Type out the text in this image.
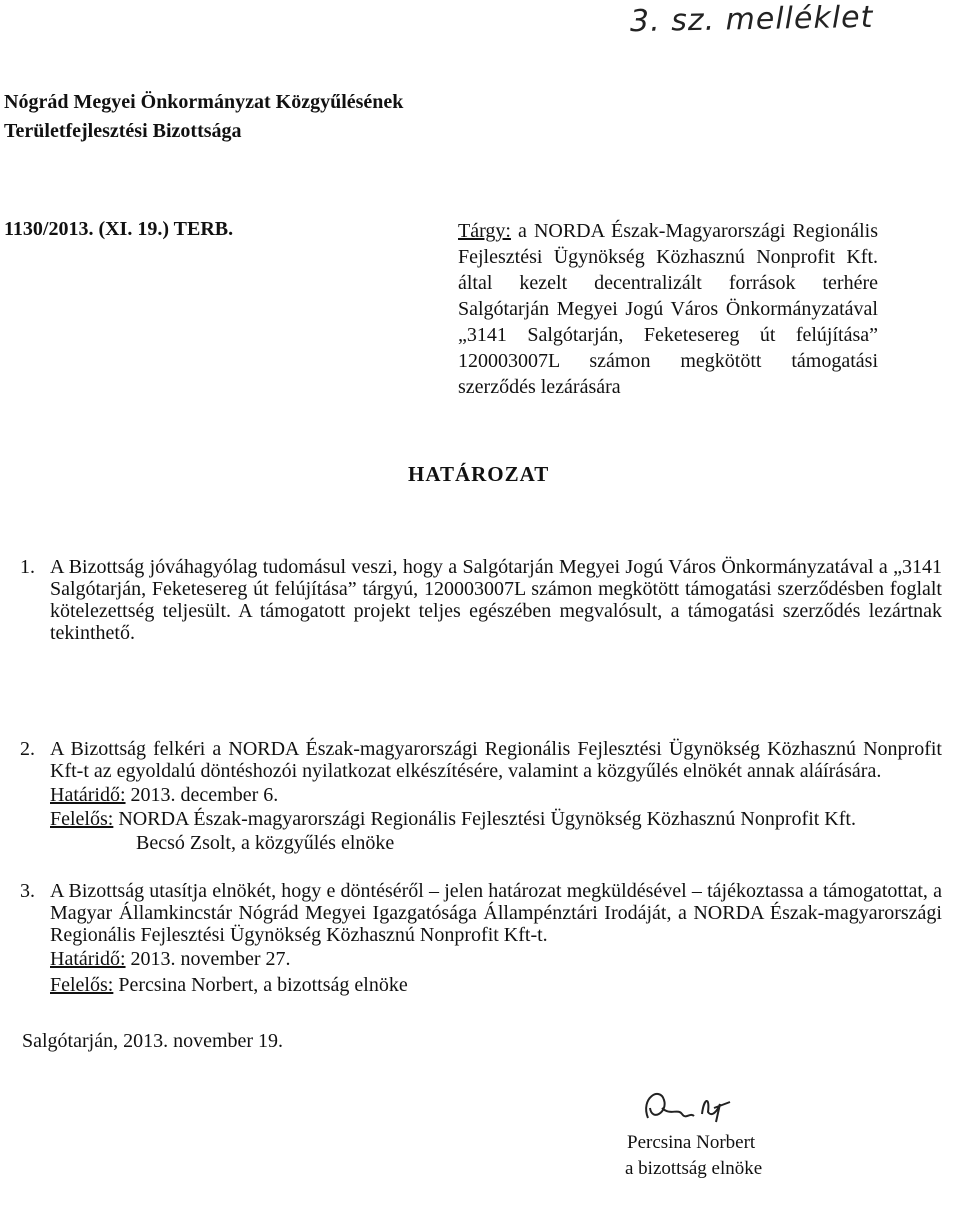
3. sz. melléklet
Nógrád Megyei Önkormányzat Közgyűlésének
Területfejlesztési Bizottsága
1130/2013. (XI. 19.) TERB.	Tárgy: a NORDA Észak-Magyarországi Regionális Fejlesztési Ügynökség Közhasznú Nonprofit Kft. által kezelt decentralizált források terhére Salgótarján Megyei Jogú Város Önkormányzatával „3141 Salgótarján, Feketesereg út felújítása” 120003007L számon megkötött támogatási szerződés lezárására
HATÁROZAT
1. A Bizottság jóváhagyólag tudomásul veszi, hogy a Salgótarján Megyei Jogú Város Önkormányzatával a „3141 Salgótarján, Feketesereg út felújítása” tárgyú, 120003007L számon megkötött támogatási szerződésben foglalt kötelezettség teljesült. A támogatott projekt teljes egészében megvalósult, a támogatási szerződés lezártnak tekinthető.
2. A Bizottság felkéri a NORDA Észak-magyarországi Regionális Fejlesztési Ügynökség Közhasznú Nonprofit Kft-t az egyoldalú döntéshozói nyilatkozat elkészítésére, valamint a közgyűlés elnökét annak aláírására.
Határidő: 2013. december 6.
Felelős: NORDA Észak-magyarországi Regionális Fejlesztési Ügynökség Közhasznú Nonprofit Kft.
Becsó Zsolt, a közgyűlés elnöke
3. A Bizottság utasítja elnökét, hogy e döntéséről – jelen határozat megküldésével – tájékoztassa a támogatottat, a Magyar Államkincstár Nógrád Megyei Igazgatósága Állampénztári Irodáját, a NORDA Észak-magyarországi Regionális Fejlesztési Ügynökség Közhasznú Nonprofit Kft-t.
Határidő: 2013. november 27.
Felelős: Percsina Norbert, a bizottság elnöke
Salgótarján, 2013. november 19.
Percsina Norbert
a bizottság elnöke
